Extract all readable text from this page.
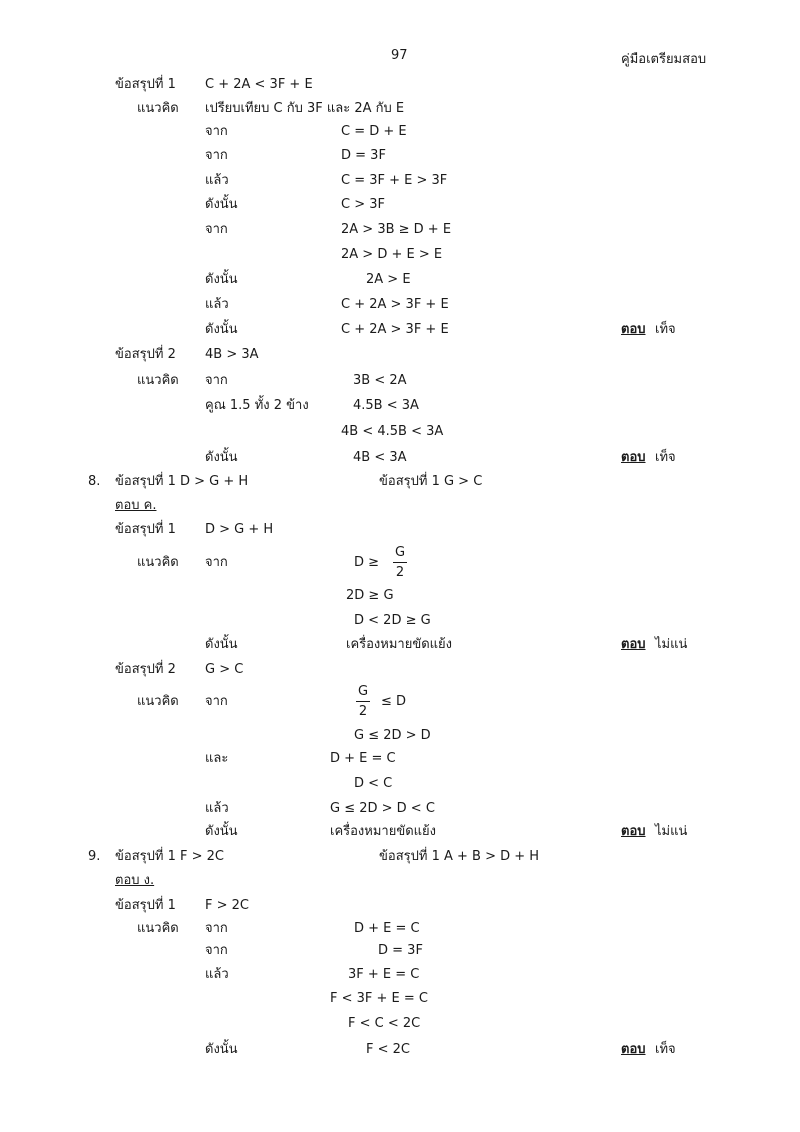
97	คู่มือเตรียมสอบ
ข้อสรุปที่ 1 C + 2A < 3F + E
แนวคิด เปรียบเทียบ C กับ 3F และ 2A กับ E
จาก	C = D + E
จาก	D = 3F
แล้ว	C = 3F + E > 3F
ดังนั้น	C > 3F
จาก	2A > 3B ≥ D + E
2A > D + E > E
ดังนั้น	2A > E
แล้ว	C + 2A > 3F + E
ดังนั้น	C + 2A > 3F + E	ตอบ เท็จ
ข้อสรุปที่ 2 4B > 3A
แนวคิด จาก	3B < 2A
คูณ 1.5 ทั้ง 2 ข้าง	4.5B < 3A
4B < 4.5B < 3A
ดังนั้น	4B < 3A	ตอบ เท็จ
8. ข้อสรุปที่ 1 D > G + H	ข้อสรุปที่ 1 G > C
ตอบ ค.
ข้อสรุปที่ 1 D > G + H
แนวคิด จาก	D ≥
2D ≥ G
D < 2D ≥ G
ดังนั้น	เครื่องหมายขัดแย้ง	ตอบ ไม่แน่
ข้อสรุปที่ 2 G > C
แนวคิด จาก	≤ D
G ≤ 2D > D
และ	D + E = C
D < C
แล้ว	G ≤ 2D > D < C
ดังนั้น	เครื่องหมายขัดแย้ง	ตอบ ไม่แน่
9. ข้อสรุปที่ 1 F > 2C	ข้อสรุปที่ 1 A + B > D + H
ตอบ ง.
ข้อสรุปที่ 1 F > 2C
แนวคิด จาก	D + E = C
จาก	D = 3F
แล้ว	3F + E = C
F < 3F + E = C
F < C < 2C
ดังนั้น	F < 2C	ตอบ เท็จ
G
2
G
2
